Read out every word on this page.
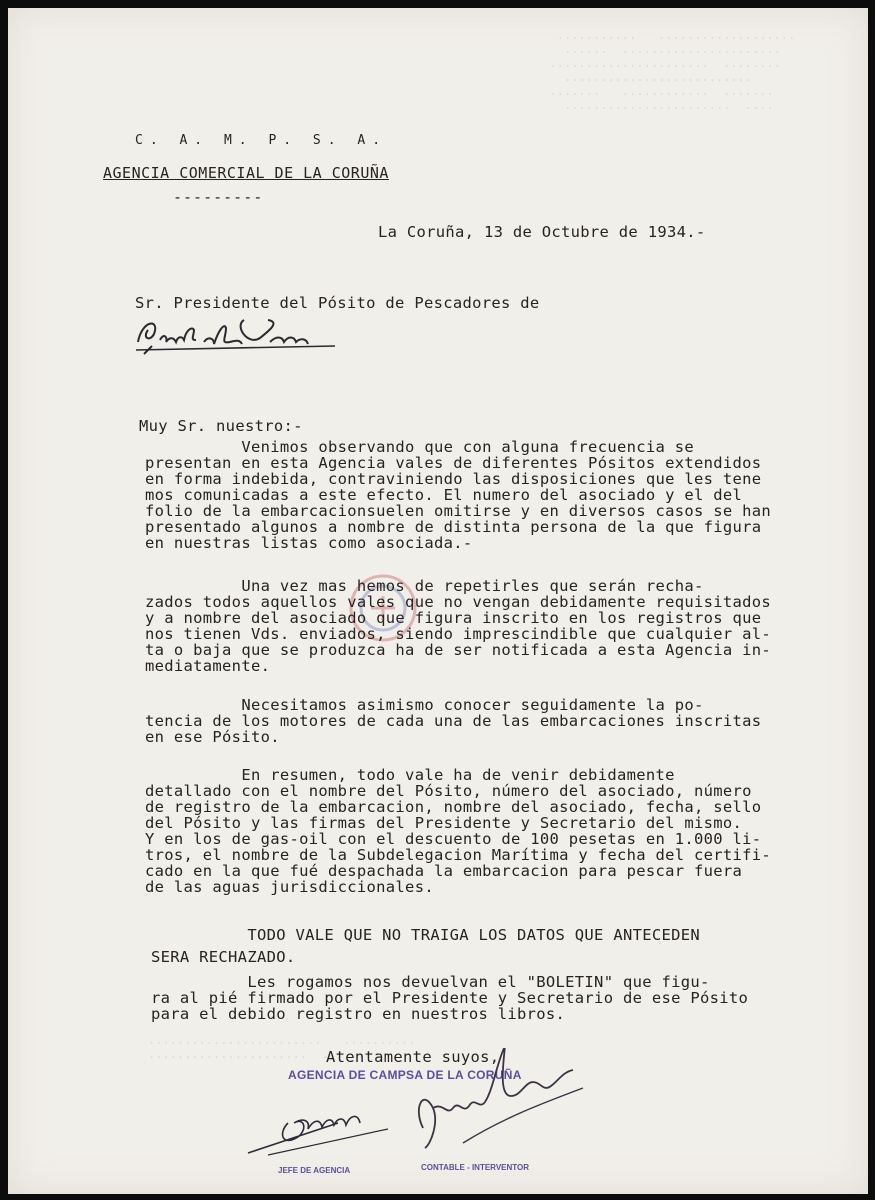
...........   ...................
......  ......................
......................  ........
..........................
.......   ............  .......
.......................  ....
........................   ..........
......................  .......
C. A. M. P. S. A.
AGENCIA COMERCIAL DE LA CORUÑA
---------
La Coruña, 13 de Octubre de 1934.-
Sr. Presidente del Pósito de Pescadores de
Muy Sr. nuestro:-
Venimos observando que con alguna frecuencia se
presentan en esta Agencia vales de diferentes Pósitos extendidos
en forma indebida, contraviniendo las disposiciones que les tene
mos comunicadas a este efecto. El numero del asociado y el del
folio de la embarcacionsuelen omitirse y en diversos casos se han
presentado algunos a nombre de distinta persona de la que figura
en nuestras listas como asociada.-
Una vez mas hemos de repetirles que serán recha-
zados todos aquellos vales que no vengan debidamente requisitados
y a nombre del asociado que figura inscrito en los registros que
nos tienen Vds. enviados, siendo imprescindible que cualquier al-
ta o baja que se produzca ha de ser notificada a esta Agencia in-
mediatamente.
Necesitamos asimismo conocer seguidamente la po-
tencia de los motores de cada una de las embarcaciones inscritas
en ese Pósito.
En resumen, todo vale ha de venir debidamente
detallado con el nombre del Pósito, número del asociado, número
de registro de la embarcacion, nombre del asociado, fecha, sello
del Pósito y las firmas del Presidente y Secretario del mismo.
Y en los de gas-oil con el descuento de 100 pesetas en 1.000 li-
tros, el nombre de la Subdelegacion Marítima y fecha del certifi-
cado en la que fué despachada la embarcacion para pescar fuera
de las aguas jurisdiccionales.
TODO VALE QUE NO TRAIGA LOS DATOS QUE ANTECEDEN
SERA RECHAZADO.
Les rogamos nos devuelvan el "BOLETIN" que figu-
ra al pié firmado por el Presidente y Secretario de ese Pósito
para el debido registro en nuestros libros.
Atentamente suyos,
AGENCIA DE CAMPSA DE LA CORUÑA
JEFE DE AGENCIA	CONTABLE - INTERVENTOR
